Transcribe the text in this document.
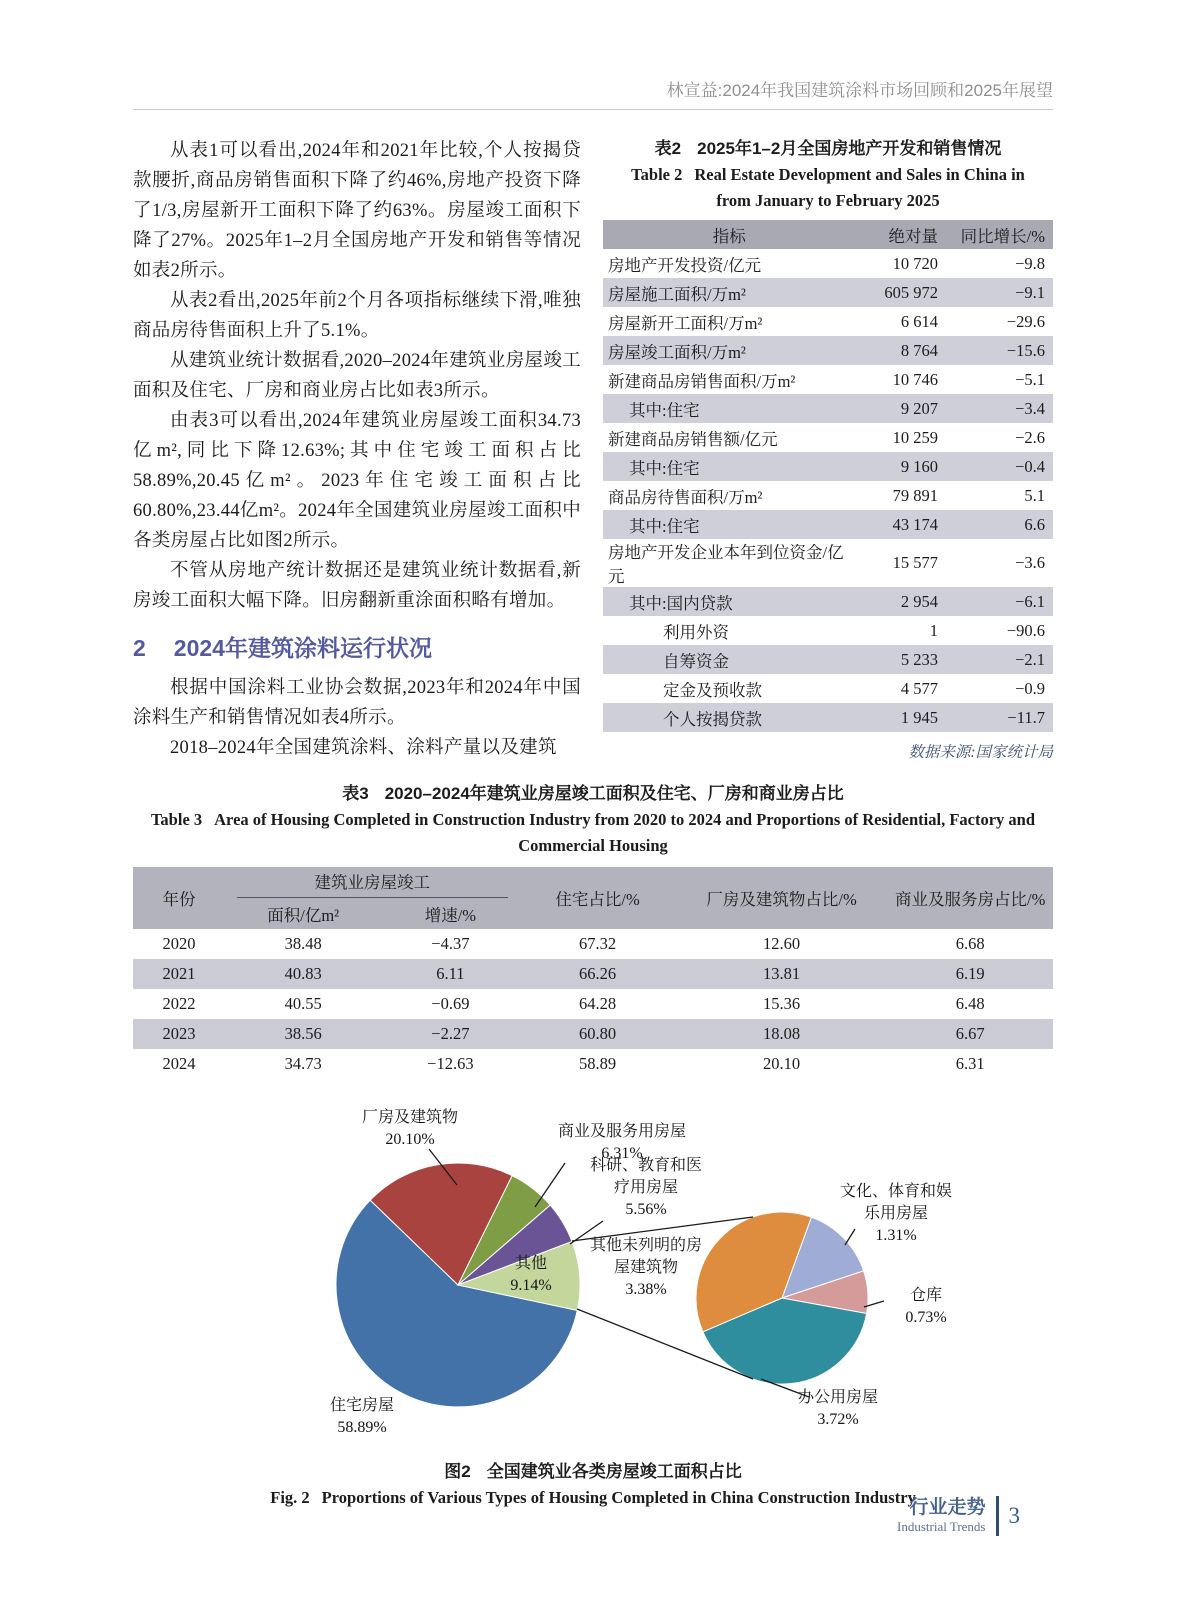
林宣益:2024年我国建筑涂料市场回顾和2025年展望

从表1可以看出,2024年和2021年比较,个人按揭贷款腰折,商品房销售面积下降了约46%,房地产投资下降了1/3,房屋新开工面积下降了约63%。房屋竣工面积下降了27%。2025年1–2月全国房地产开发和销售等情况如表2所示。

从表2看出,2025年前2个月各项指标继续下滑,唯独商品房待售面积上升了5.1%。

从建筑业统计数据看,2020–2024年建筑业房屋竣工面积及住宅、厂房和商业房占比如表3所示。

由表3可以看出,2024年建筑业房屋竣工面积34.73亿m²,同比下降12.63%;其中住宅竣工面积占比58.89%,20.45亿m²。2023年住宅竣工面积占比60.80%,23.44亿m²。2024年全国建筑业房屋竣工面积中各类房屋占比如图2所示。

不管从房地产统计数据还是建筑业统计数据看,新房竣工面积大幅下降。旧房翻新重涂面积略有增加。

2 2024年建筑涂料运行状况

根据中国涂料工业协会数据,2023年和2024年中国涂料生产和销售情况如表4所示。

2018–2024年全国建筑涂料、涂料产量以及建筑

表2 2025年1–2月全国房地产开发和销售情况
Table 2 Real Estate Development and Sales in China in
from January to February 2025
指标	绝对量	同比增长/%
房地产开发投资/亿元	10 720	−9.8
房屋施工面积/万m²	605 972	−9.1
房屋新开工面积/万m²	6 614	−29.6
房屋竣工面积/万m²	8 764	−15.6
新建商品房销售面积/万m²	10 746	−5.1
其中:住宅	9 207	−3.4
新建商品房销售额/亿元	10 259	−2.6
其中:住宅	9 160	−0.4
商品房待售面积/万m²	79 891	5.1
其中:住宅	43 174	6.6
房地产开发企业本年到位资金/亿元	15 577	−3.6
其中:国内贷款	2 954	−6.1
利用外资	1	−90.6
自筹资金	5 233	−2.1
定金及预收款	4 577	−0.9
个人按揭贷款	1 945	−11.7
数据来源:国家统计局
表3 2020–2024年建筑业房屋竣工面积及住宅、厂房和商业房占比
Table 3 Area of Housing Completed in Construction Industry from 2020 to 2024 and Proportions of Residential, Factory and
Commercial Housing
年份	建筑业房屋竣工		住宅占比/%	厂房及建筑物占比/%	商业及服务房占比/%
	面积/亿m²	增速/%			
2020	38.48	−4.37	67.32	12.60	6.68
2021	40.83	6.11	66.26	13.81	6.19
2022	40.55	−0.69	64.28	15.36	6.48
2023	38.56	−2.27	60.80	18.08	6.67
2024	34.73	−12.63	58.89	20.10	6.31
住宅房屋
58.89%
厂房及建筑物
20.10%	商业及服务用房屋
6.31%
科研、教育和医疗用房屋
5.56%
其他
9.14%
文化、体育和娱乐用房屋
1.31%
仓库
0.73%
办公用房屋
3.72%
其他未列明的房屋建筑物
3.38%
图2 全国建筑业各类房屋竣工面积占比
Fig. 2 Proportions of Various Types of Housing Completed in China Construction Industry
行业走势
Industrial Trends 3
